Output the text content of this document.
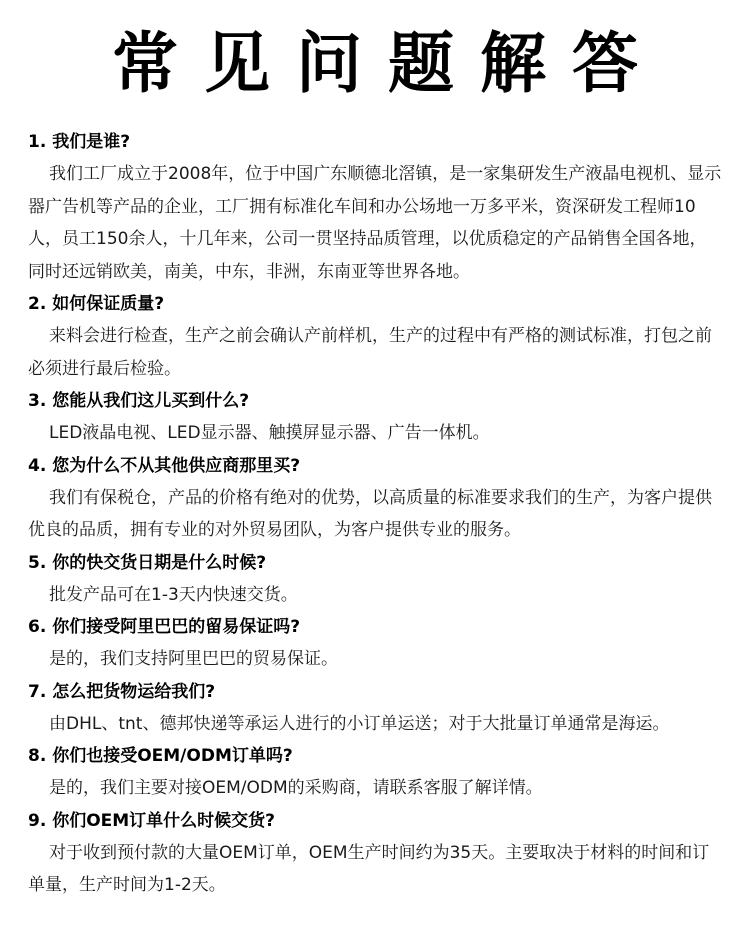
常见问题解答

1. 我们是谁?

我们工厂成立于2008年，位于中国广东顺德北滘镇，是一家集研发生产液晶电视机、显示器广告机等产品的企业，工厂拥有标准化车间和办公场地一万多平米，资深研发工程师10人，员工150余人，十几年来，公司一贯坚持品质管理，以优质稳定的产品销售全国各地，同时还远销欧美，南美，中东，非洲，东南亚等世界各地。

2. 如何保证质量?

来料会进行检查，生产之前会确认产前样机，生产的过程中有严格的测试标准，打包之前必须进行最后检验。

3. 您能从我们这儿买到什么?

LED液晶电视、LED显示器、触摸屏显示器、广告一体机。

4. 您为什么不从其他供应商那里买?

我们有保税仓，产品的价格有绝对的优势，以高质量的标准要求我们的生产，为客户提供优良的品质，拥有专业的对外贸易团队，为客户提供专业的服务。

5. 你的快交货日期是什么时候?

批发产品可在1-3天内快速交货。

6. 你们接受阿里巴巴的留易保证吗?

是的，我们支持阿里巴巴的贸易保证。

7. 怎么把货物运给我们?

由DHL、tnt、德邦快递等承运人进行的小订单运送；对于大批量订单通常是海运。

8. 你们也接受OEM/ODM订单吗?

是的，我们主要对接OEM/ODM的采购商，请联系客服了解详情。

9. 你们OEM订单什么时候交货?

对于收到预付款的大量OEM订单，OEM生产时间约为35天。主要取决于材料的时间和订单量，生产时间为1-2天。
